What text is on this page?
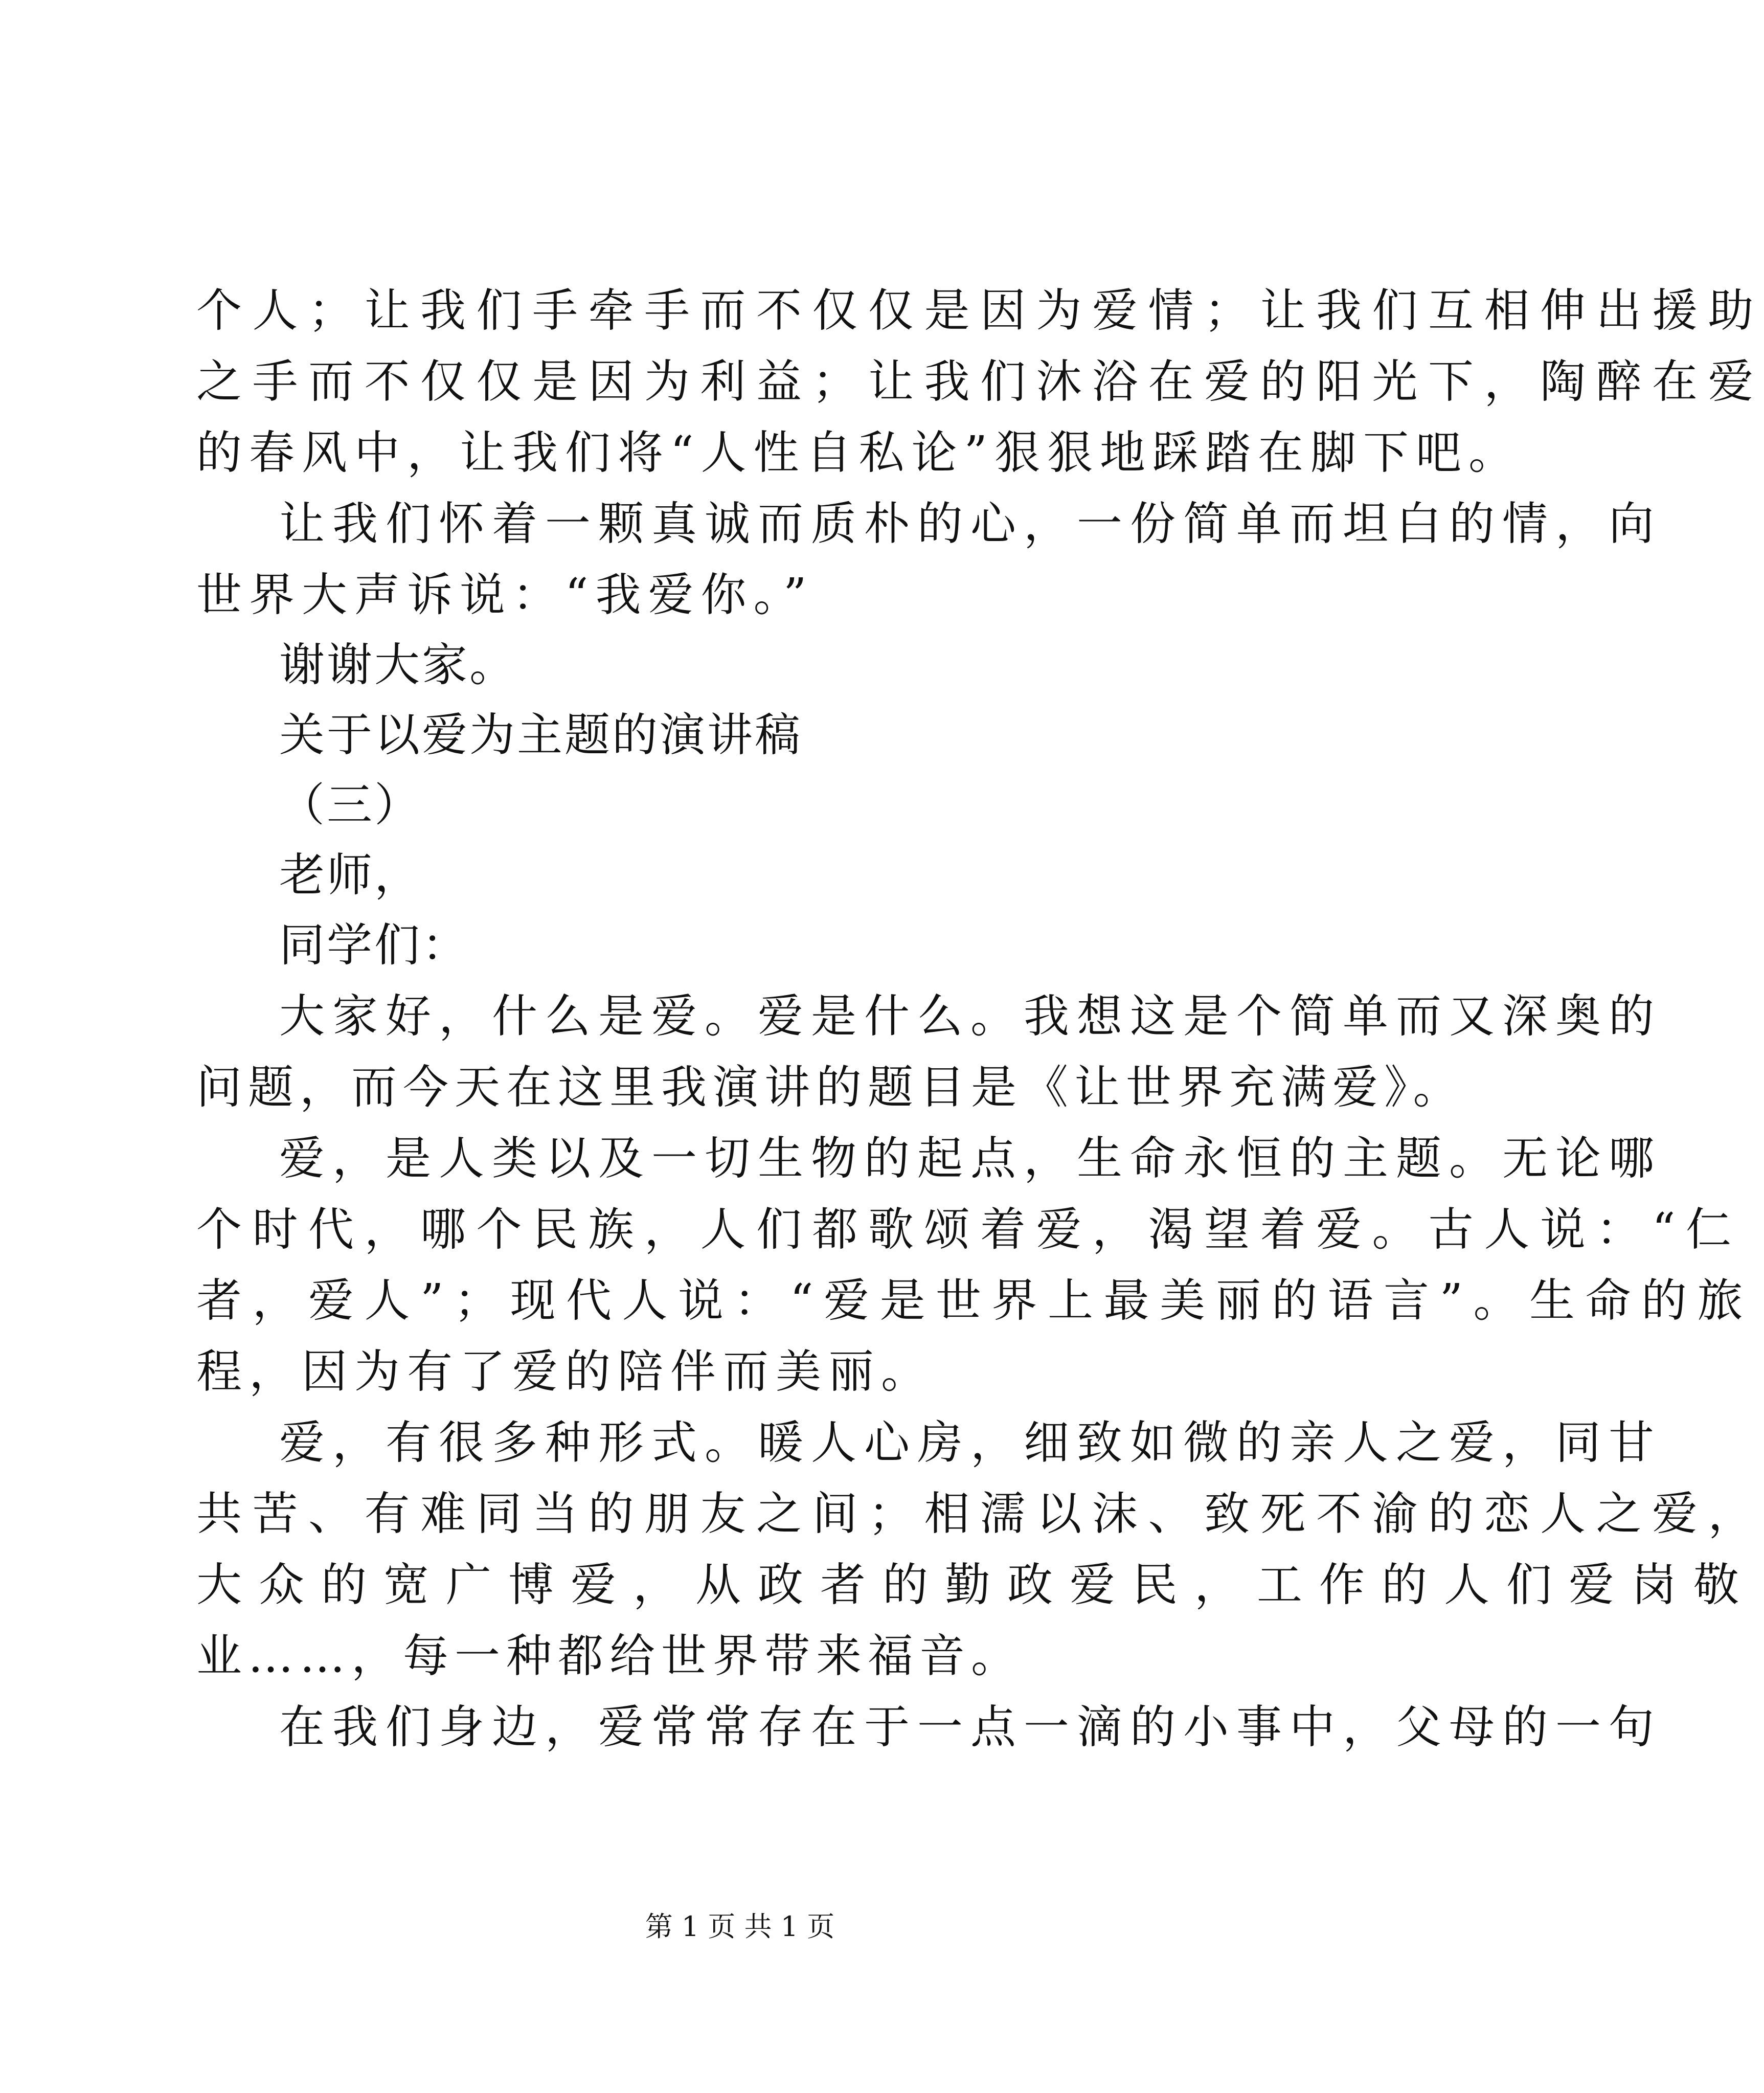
个人；让我们手牵手而不仅仅是因为爱情；让我们互相伸出援助
之手而不仅仅是因为利益；让我们沐浴在爱的阳光下，陶醉在爱
的春风中，让我们将“人性自私论”狠狠地踩踏在脚下吧。
让我们怀着一颗真诚而质朴的心，一份简单而坦白的情，向
世界大声诉说：“我爱你。”
谢谢大家。
关于以爱为主题的演讲稿
（三）
老师，
同学们：
大家好，什么是爱。爱是什么。我想这是个简单而又深奥的
问题，而今天在这里我演讲的题目是《让世界充满爱》。
爱，是人类以及一切生物的起点，生命永恒的主题。无论哪
个时代，哪个民族，人们都歌颂着爱，渴望着爱。古人说：“仁
者，爱人”；现代人说：“爱是世界上最美丽的语言”。生命的旅
程，因为有了爱的陪伴而美丽。
爱，有很多种形式。暖人心房，细致如微的亲人之爱，同甘
共苦、有难同当的朋友之间；相濡以沫、致死不渝的恋人之爱，
大众的宽广博爱，从政者的勤政爱民，工作的人们爱岗敬
业……，每一种都给世界带来福音。
在我们身边，爱常常存在于一点一滴的小事中，父母的一句
第 1 页 共 1 页
